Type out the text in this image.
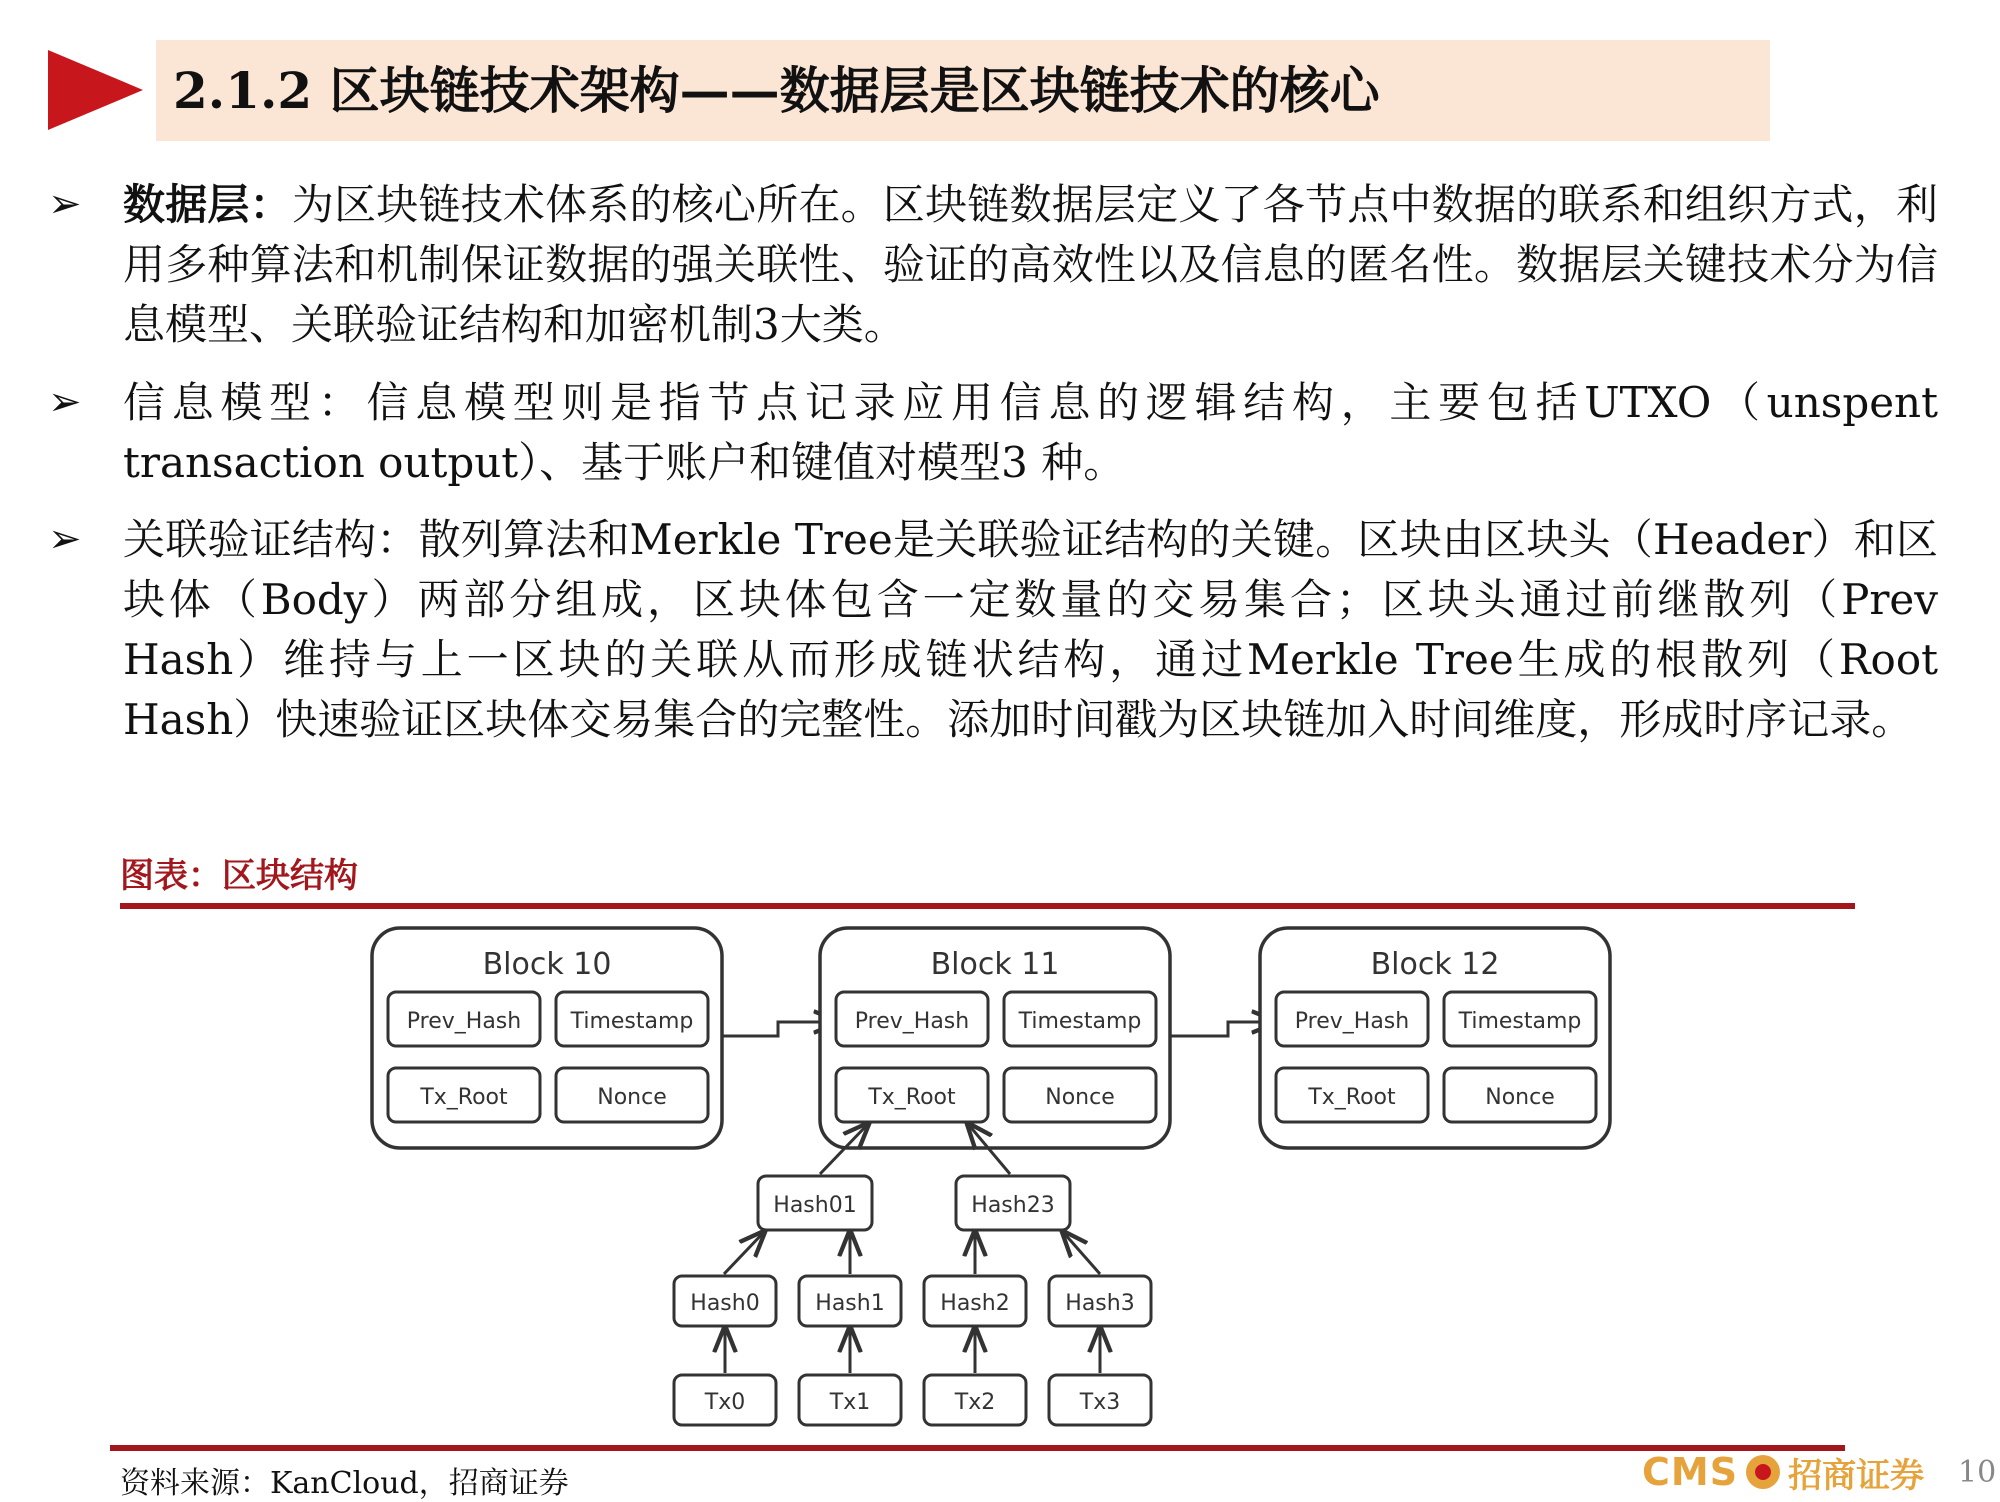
2.1.2 区块链技术架构——数据层是区块链技术的核心
➢ 数据层：为区块链技术体系的核心所在。区块链数据层定义了各节点中数据的联系和组织方式，利用多种算法和机制保证数据的强关联性、验证的高效性以及信息的匿名性。数据层关键技术分为信息模型、关联验证结构和加密机制3大类。
➢ 信息模型：信息模型则是指节点记录应用信息的逻辑结构，主要包括UTXO（unspent transaction output）、基于账户和键值对模型3 种。
➢ 关联验证结构：散列算法和Merkle Tree是关联验证结构的关键。区块由区块头（Header）和区块体（Body）两部分组成，区块体包含一定数量的交易集合；区块头通过前继散列（Prev Hash）维持与上一区块的关联从而形成链状结构，通过Merkle Tree生成的根散列（Root Hash）快速验证区块体交易集合的完整性。添加时间戳为区块链加入时间维度，形成时序记录。
图表：区块结构
Block 10
Prev_Hash Timestamp
Tx_Root	Nonce
Block 11
Prev_Hash Timestamp
Tx_Root	Nonce
Block 12
Prev_Hash Timestamp
Tx_Root	Nonce
Hash01	Hash23
Hash0	Hash1	Hash2	Hash3
Tx0	Tx1	Tx2	Tx3
资料来源：KanCloud，招商证券	CMS 招商证券 10
